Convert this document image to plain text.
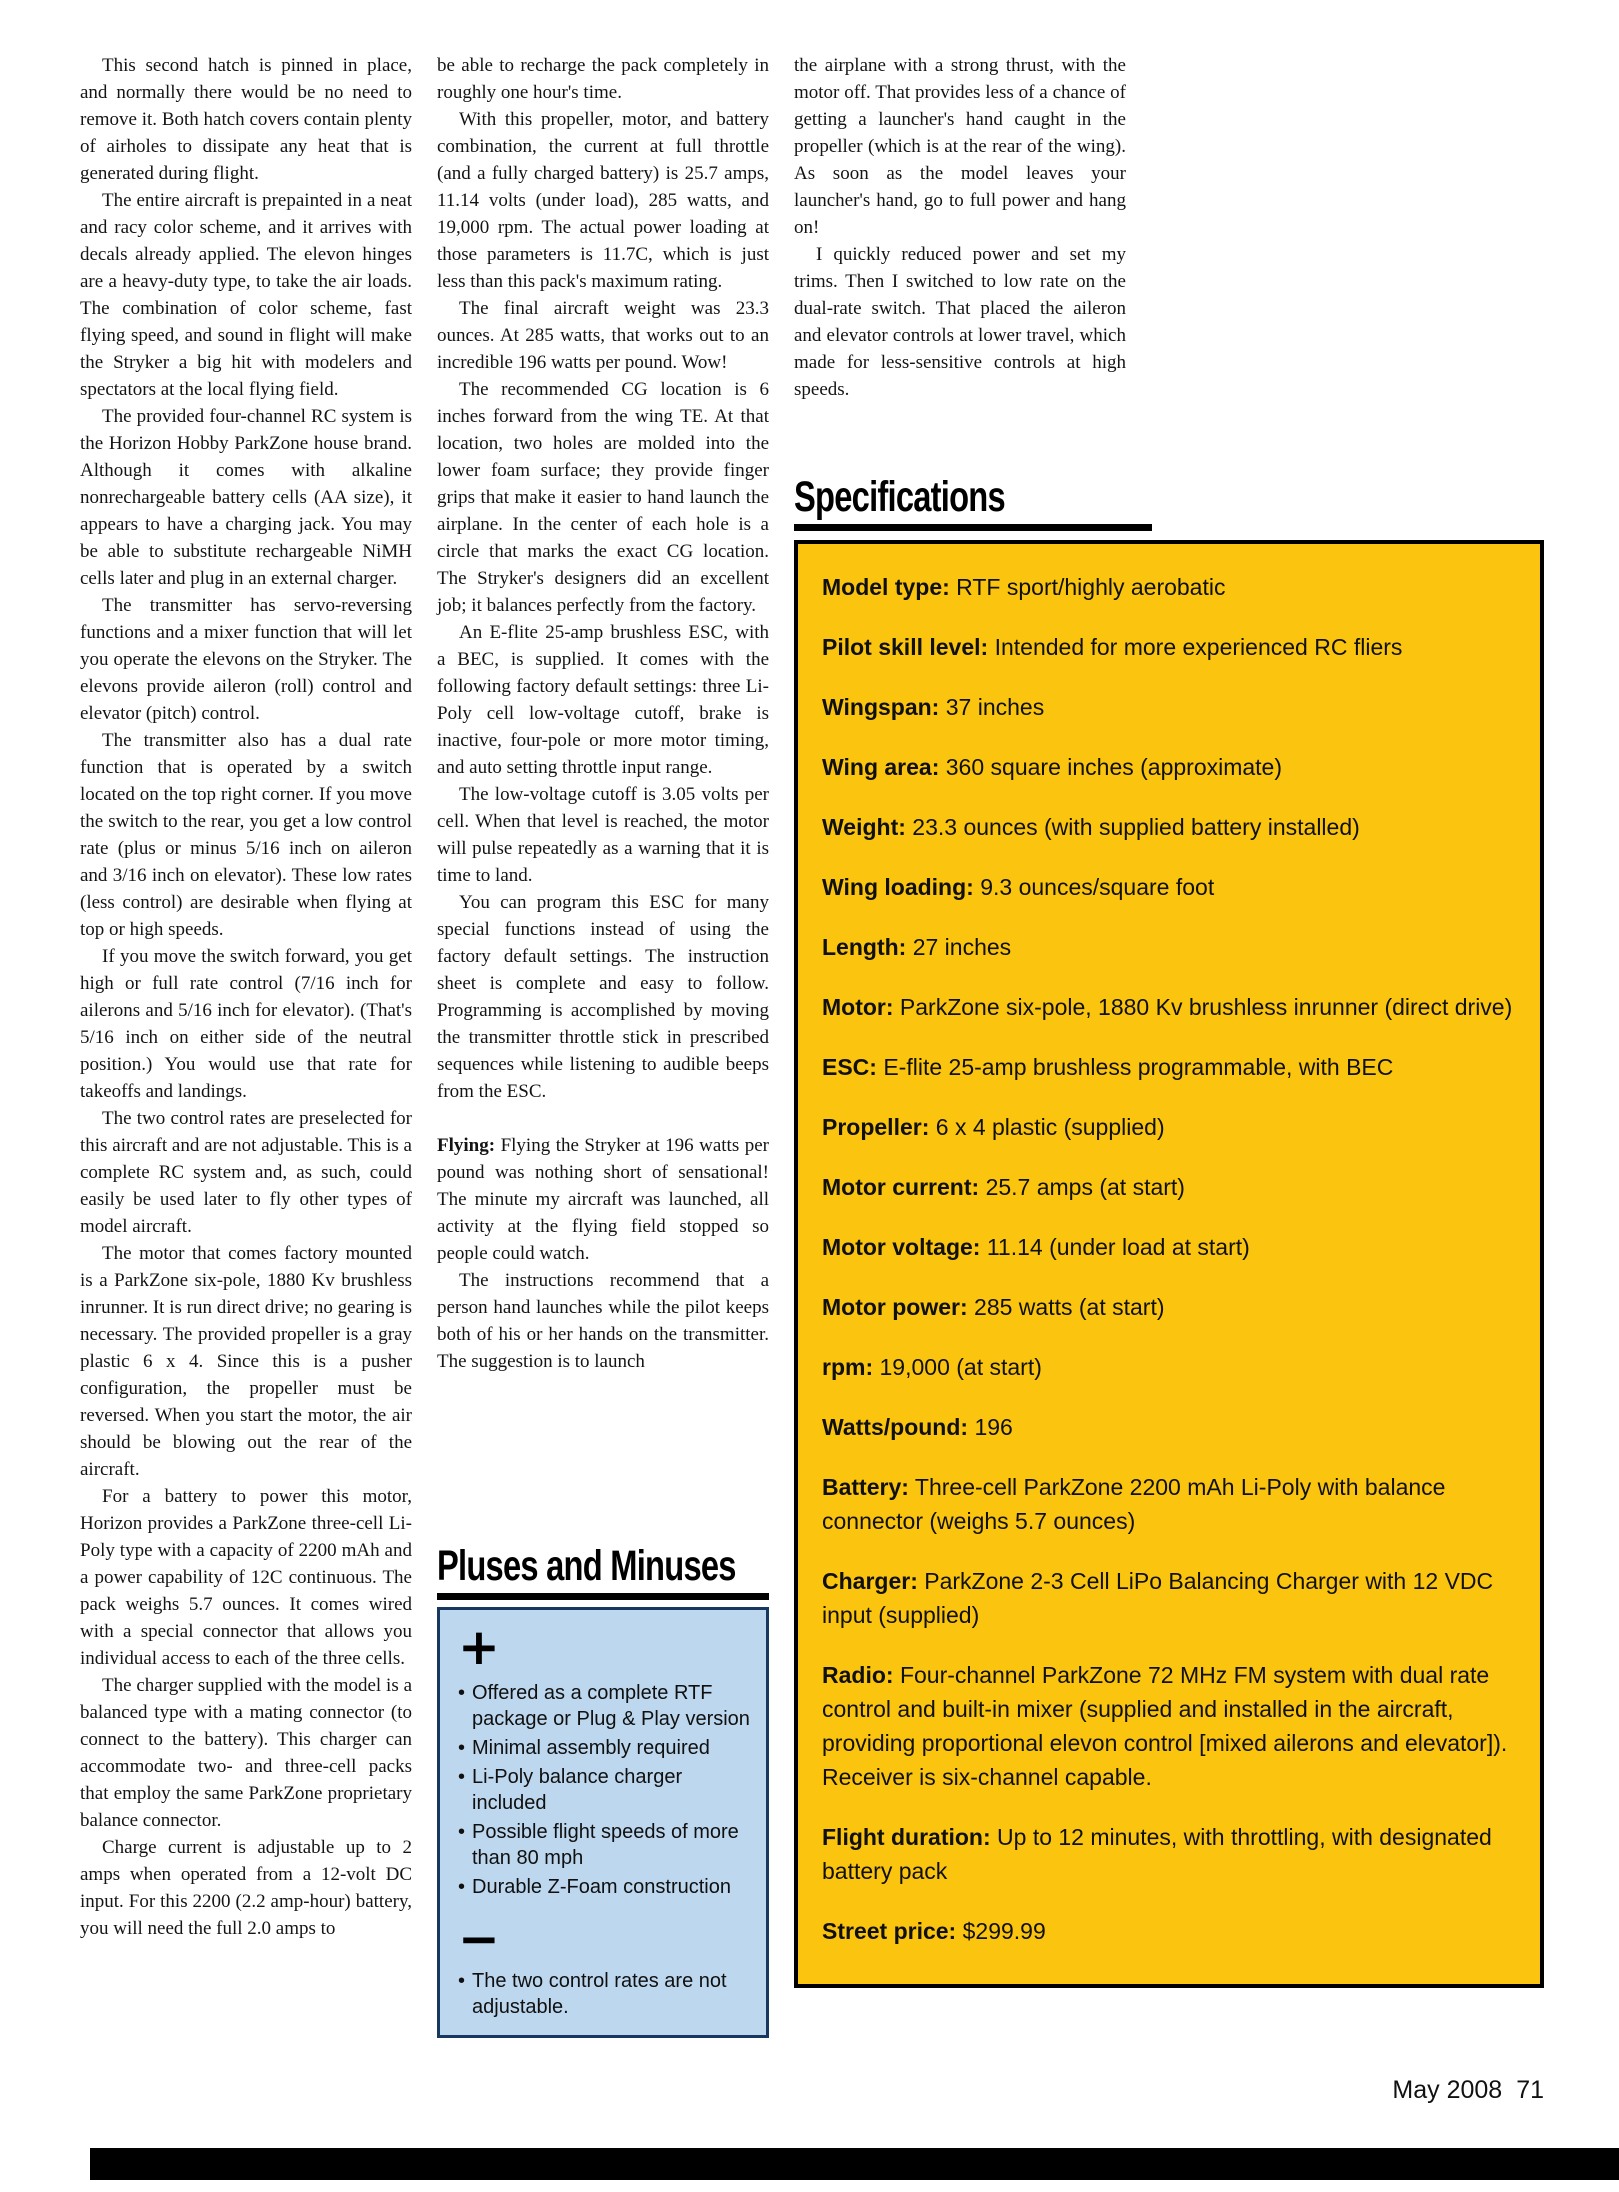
This second hatch is pinned in place, and normally there would be no need to remove it. Both hatch covers contain plenty of airholes to dissipate any heat that is generated during flight.

The entire aircraft is prepainted in a neat and racy color scheme, and it arrives with decals already applied. The elevon hinges are a heavy-duty type, to take the air loads. The combination of color scheme, fast flying speed, and sound in flight will make the Stryker a big hit with modelers and spectators at the local flying field.

The provided four-channel RC system is the Horizon Hobby ParkZone house brand. Although it comes with alkaline nonrechargeable battery cells (AA size), it appears to have a charging jack. You may be able to substitute rechargeable NiMH cells later and plug in an external charger.

The transmitter has servo-reversing functions and a mixer function that will let you operate the elevons on the Stryker. The elevons provide aileron (roll) control and elevator (pitch) control.

The transmitter also has a dual rate function that is operated by a switch located on the top right corner. If you move the switch to the rear, you get a low control rate (plus or minus 5/16 inch on aileron and 3/16 inch on elevator). These low rates (less control) are desirable when flying at top or high speeds.

If you move the switch forward, you get high or full rate control (7/16 inch for ailerons and 5/16 inch for elevator). (That's 5/16 inch on either side of the neutral position.) You would use that rate for takeoffs and landings.

The two control rates are preselected for this aircraft and are not adjustable. This is a complete RC system and, as such, could easily be used later to fly other types of model aircraft.

The motor that comes factory mounted is a ParkZone six-pole, 1880 Kv brushless inrunner. It is run direct drive; no gearing is necessary. The provided propeller is a gray plastic 6 x 4. Since this is a pusher configuration, the propeller must be reversed. When you start the motor, the air should be blowing out the rear of the aircraft.

For a battery to power this motor, Horizon provides a ParkZone three-cell Li-Poly type with a capacity of 2200 mAh and a power capability of 12C continuous. The pack weighs 5.7 ounces. It comes wired with a special connector that allows you individual access to each of the three cells.

The charger supplied with the model is a balanced type with a mating connector (to connect to the battery). This charger can accommodate two- and three-cell packs that employ the same ParkZone proprietary balance connector.

Charge current is adjustable up to 2 amps when operated from a 12-volt DC input. For this 2200 (2.2 amp-hour) battery, you will need the full 2.0 amps to

be able to recharge the pack completely in roughly one hour's time.

With this propeller, motor, and battery combination, the current at full throttle (and a fully charged battery) is 25.7 amps, 11.14 volts (under load), 285 watts, and 19,000 rpm. The actual power loading at those parameters is 11.7C, which is just less than this pack's maximum rating.

The final aircraft weight was 23.3 ounces. At 285 watts, that works out to an incredible 196 watts per pound. Wow!

The recommended CG location is 6 inches forward from the wing TE. At that location, two holes are molded into the lower foam surface; they provide finger grips that make it easier to hand launch the airplane. In the center of each hole is a circle that marks the exact CG location. The Stryker's designers did an excellent job; it balances perfectly from the factory.

An E-flite 25-amp brushless ESC, with a BEC, is supplied. It comes with the following factory default settings: three Li-Poly cell low-voltage cutoff, brake is inactive, four-pole or more motor timing, and auto setting throttle input range.

The low-voltage cutoff is 3.05 volts per cell. When that level is reached, the motor will pulse repeatedly as a warning that it is time to land.

You can program this ESC for many special functions instead of using the factory default settings. The instruction sheet is complete and easy to follow. Programming is accomplished by moving the transmitter throttle stick in prescribed sequences while listening to audible beeps from the ESC.

Flying: Flying the Stryker at 196 watts per pound was nothing short of sensational! The minute my aircraft was launched, all activity at the flying field stopped so people could watch.

The instructions recommend that a person hand launches while the pilot keeps both of his or her hands on the transmitter. The suggestion is to launch

the airplane with a strong thrust, with the motor off. That provides less of a chance of getting a launcher's hand caught in the propeller (which is at the rear of the wing). As soon as the model leaves your launcher's hand, go to full power and hang on!

I quickly reduced power and set my trims. Then I switched to low rate on the dual-rate switch. That placed the aileron and elevator controls at lower travel, which made for less-sensitive controls at high speeds.

Specifications
Model type: RTF sport/highly aerobatic
Pilot skill level: Intended for more experienced RC fliers
Wingspan: 37 inches
Wing area: 360 square inches (approximate)
Weight: 23.3 ounces (with supplied battery installed)
Wing loading: 9.3 ounces/square foot
Length: 27 inches
Motor: ParkZone six-pole, 1880 Kv brushless inrunner (direct drive)
ESC: E-flite 25-amp brushless programmable, with BEC
Propeller: 6 x 4 plastic (supplied)
Motor current: 25.7 amps (at start)
Motor voltage: 11.14 (under load at start)
Motor power: 285 watts (at start)
rpm: 19,000 (at start)
Watts/pound: 196
Battery: Three-cell ParkZone 2200 mAh Li-Poly with balance connector (weighs 5.7 ounces)
Charger: ParkZone 2-3 Cell LiPo Balancing Charger with 12 VDC input (supplied)
Radio: Four-channel ParkZone 72 MHz FM system with dual rate control and built-in mixer (supplied and installed in the aircraft, providing proportional elevon control [mixed ailerons and elevator]). Receiver is six-channel capable.
Flight duration: Up to 12 minutes, with throttling, with designated battery pack
Street price: $299.99
Pluses and Minuses
+
• Offered as a complete RTF package or Plug & Play version
• Minimal assembly required
• Li-Poly balance charger included
• Possible flight speeds of more than 80 mph
• Durable Z-Foam construction
−
• The two control rates are not adjustable.
May 2008 71
